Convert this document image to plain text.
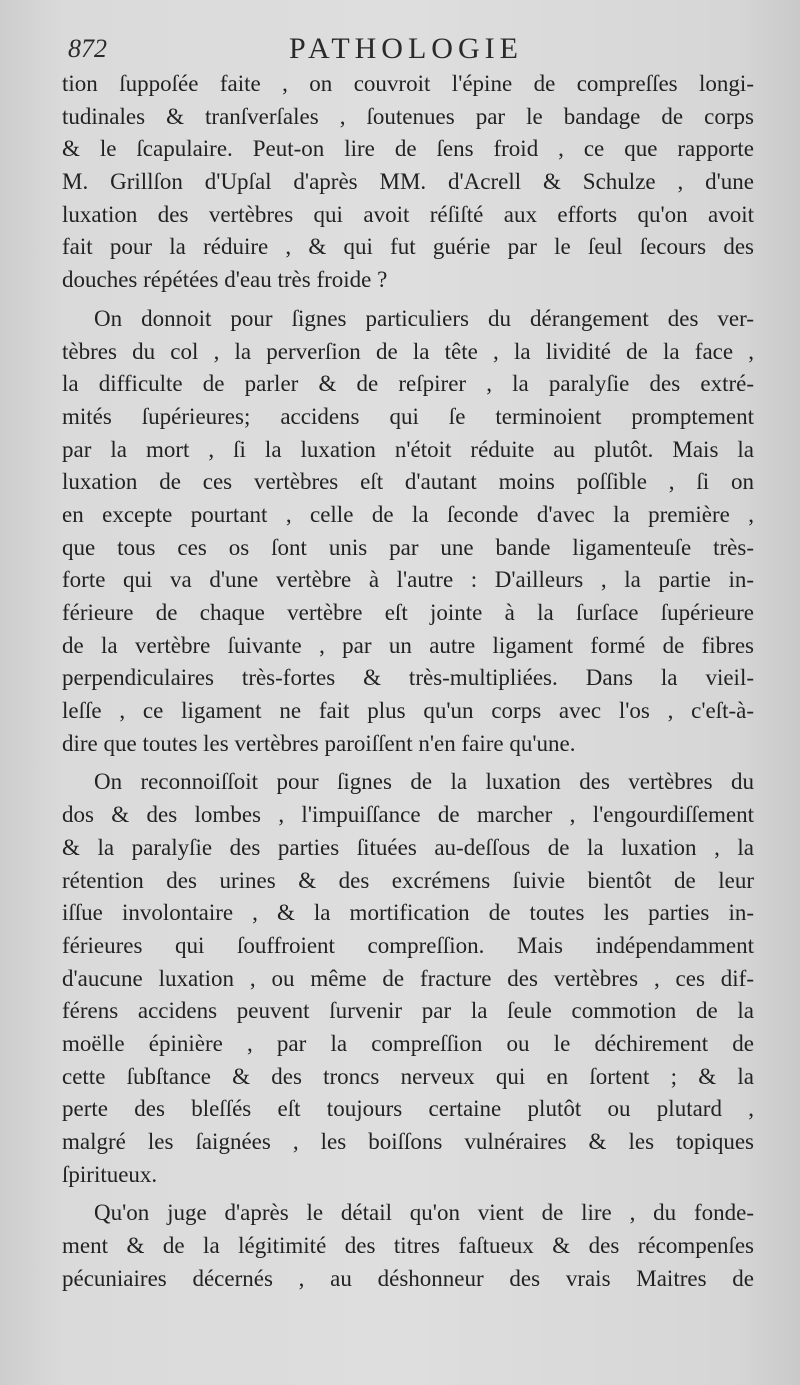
872	PATHOLOGIE
tion ſuppoſée faite , on couvroit l'épine de compreſſes longi-
tudinales & tranſverſales , ſoutenues par le bandage de corps
& le ſcapulaire. Peut-on lire de ſens froid , ce que rapporte
M. Grillſon d'Upſal d'après MM. d'Acrell & Schulze , d'une
luxation des vertèbres qui avoit réſiſté aux efforts qu'on avoit
fait pour la réduire , & qui fut guérie par le ſeul ſecours des
douches répétées d'eau très froide ?
On donnoit pour ſignes particuliers du dérangement des ver-
tèbres du col , la perverſion de la tête , la lividité de la face ,
la difficulte de parler & de reſpirer , la paralyſie des extré-
mités ſupérieures; accidens qui ſe terminoient promptement
par la mort , ſi la luxation n'étoit réduite au plutôt. Mais la
luxation de ces vertèbres eſt d'autant moins poſſible , ſi on
en excepte pourtant , celle de la ſeconde d'avec la première ,
que tous ces os ſont unis par une bande ligamenteuſe très-
forte qui va d'une vertèbre à l'autre : D'ailleurs , la partie in-
férieure de chaque vertèbre eſt jointe à la ſurſace ſupérieure
de la vertèbre ſuivante , par un autre ligament formé de fibres
perpendiculaires très-fortes & très-multipliées. Dans la vieil-
leſſe , ce ligament ne fait plus qu'un corps avec l'os , c'eſt-à-
dire que toutes les vertèbres paroiſſent n'en faire qu'une.
On reconnoiſſoit pour ſignes de la luxation des vertèbres du
dos & des lombes , l'impuiſſance de marcher , l'engourdiſſement
& la paralyſie des parties ſituées au-deſſous de la luxation , la
rétention des urines & des excrémens ſuivie bientôt de leur
iſſue involontaire , & la mortification de toutes les parties in-
férieures qui ſouffroient compreſſion. Mais indépendamment
d'aucune luxation , ou même de fracture des vertèbres , ces dif-
férens accidens peuvent ſurvenir par la ſeule commotion de la
moëlle épinière , par la compreſſion ou le déchirement de
cette ſubſtance & des troncs nerveux qui en ſortent ; & la
perte des bleſſés eſt toujours certaine plutôt ou plutard ,
malgré les ſaignées , les boiſſons vulnéraires & les topiques
ſpiritueux.
Qu'on juge d'après le détail qu'on vient de lire , du fonde-
ment & de la légitimité des titres faſtueux & des récompenſes
pécuniaires décernés , au déshonneur des vrais Maitres de
